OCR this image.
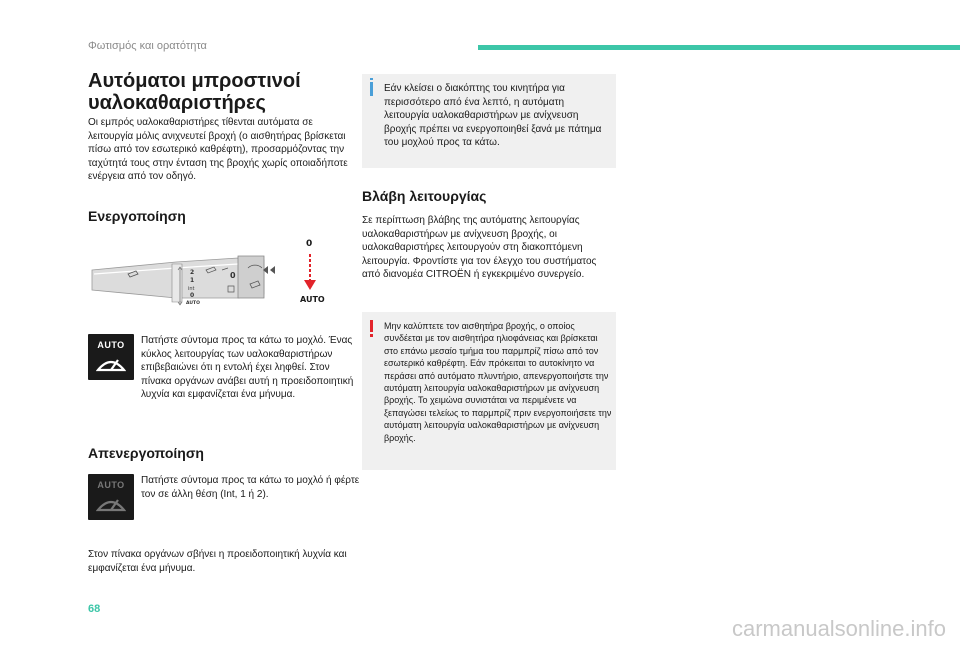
Φωτισμός και ορατότητα
Αυτόματοι μπροστινοί υαλοκαθαριστήρες
Οι εμπρός υαλοκαθαριστήρες τίθενται αυτόματα σε λειτουργία μόλις ανιχνευτεί βροχή (ο αισθητήρας βρίσκεται πίσω από τον εσωτερικό καθρέφτη), προσαρμόζοντας την ταχύτητά τους στην ένταση της βροχής χωρίς οποιαδήποτε ενέργεια από τον οδηγό.
Ενεργοποίηση
2
1
int
0
AUTO
0
0
AUTO
AUTO	Πατήστε σύντομα προς τα κάτω το μοχλό. Ένας κύκλος λειτουργίας των υαλοκαθαριστήρων επιβεβαιώνει ότι η εντολή έχει ληφθεί. Στον πίνακα οργάνων ανάβει αυτή η προειδοποιητική λυχνία και εμφανίζεται ένα μήνυμα.
Απενεργοποίηση
AUTO	Πατήστε σύντομα προς τα κάτω το μοχλό ή φέρτε τον σε άλλη θέση (Int, 1 ή 2).
Στον πίνακα οργάνων σβήνει η προειδοποιητική λυχνία και εμφανίζεται ένα μήνυμα.
Εάν κλείσει ο διακόπτης του κινητήρα για περισσότερο από ένα λεπτό, η αυτόματη λειτουργία υαλοκαθαριστήρων με ανίχνευση βροχής πρέπει να ενεργοποιηθεί ξανά με πάτημα του μοχλού προς τα κάτω.
Βλάβη λειτουργίας
Σε περίπτωση βλάβης της αυτόματης λειτουργίας υαλοκαθαριστήρων με ανίχνευση βροχής, οι υαλοκαθαριστήρες λειτουργούν στη διακοπτόμενη λειτουργία. Φροντίστε για τον έλεγχο του συστήματος από διανομέα CITROËN ή εγκεκριμένο συνεργείο.
Μην καλύπτετε τον αισθητήρα βροχής, ο οποίος συνδέεται με τον αισθητήρα ηλιοφάνειας και βρίσκεται στο επάνω μεσαίο τμήμα του παρμπρίζ πίσω από τον εσωτερικό καθρέφτη. Εάν πρόκειται το αυτοκίνητο να περάσει από αυτόματο πλυντήριο, απενεργοποιήστε την αυτόματη λειτουργία υαλοκαθαριστήρων με ανίχνευση βροχής. Το χειμώνα συνιστάται να περιμένετε να ξεπαγώσει τελείως το παρμπρίζ πριν ενεργοποιήσετε την αυτόματη λειτουργία υαλοκαθαριστήρων με ανίχνευση βροχής.
68
carmanualsonline.info
